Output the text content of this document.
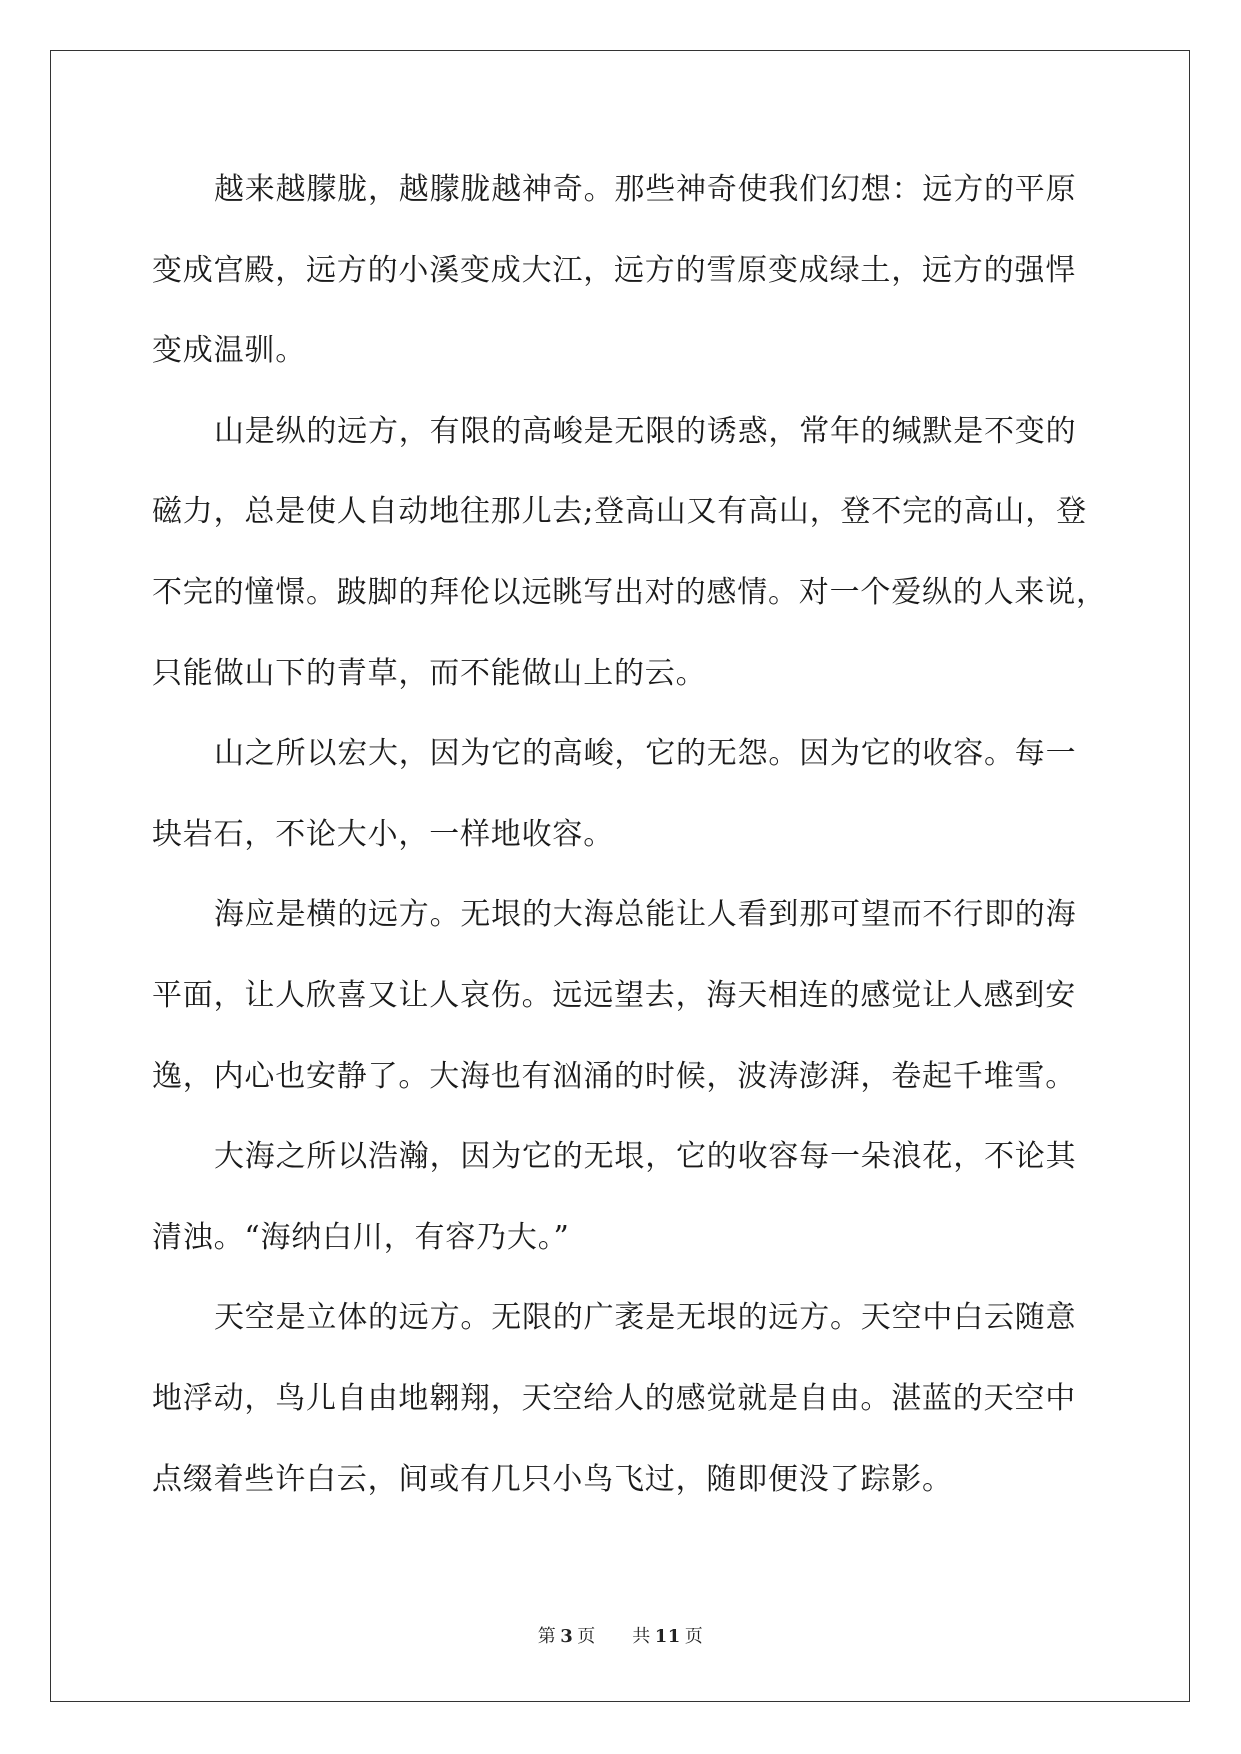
越来越朦胧，越朦胧越神奇。那些神奇使我们幻想：远方的平原
变成宫殿，远方的小溪变成大江，远方的雪原变成绿土，远方的强悍
变成温驯。

山是纵的远方，有限的高峻是无限的诱惑，常年的缄默是不变的
磁力，总是使人自动地往那儿去;登高山又有高山，登不完的高山，登
不完的憧憬。跛脚的拜伦以远眺写出对的感情。对一个爱纵的人来说，
只能做山下的青草，而不能做山上的云。

山之所以宏大，因为它的高峻，它的无怨。因为它的收容。每一
块岩石，不论大小，一样地收容。

海应是横的远方。无垠的大海总能让人看到那可望而不行即的海
平面，让人欣喜又让人哀伤。远远望去，海天相连的感觉让人感到安
逸，内心也安静了。大海也有汹涌的时候，波涛澎湃，卷起千堆雪。

大海之所以浩瀚，因为它的无垠，它的收容每一朵浪花，不论其
清浊。“海纳白川，有容乃大。”

天空是立体的远方。无限的广袤是无垠的远方。天空中白云随意
地浮动，鸟儿自由地翱翔，天空给人的感觉就是自由。湛蓝的天空中
点缀着些许白云，间或有几只小鸟飞过，随即便没了踪影。

第 3 页 共 11 页
